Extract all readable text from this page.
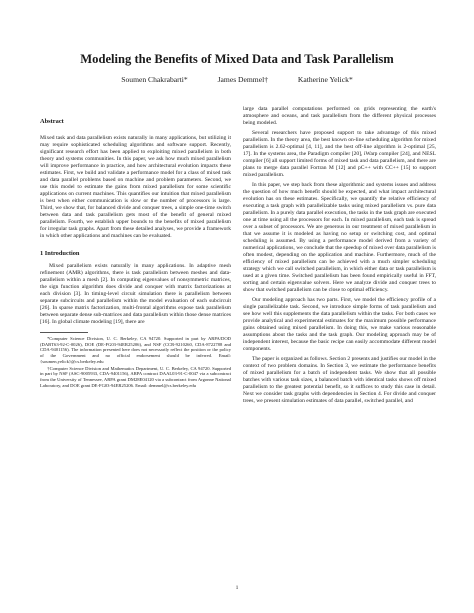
Modeling the Benefits of Mixed Data and Task Parallelism
Soumen Chakrabarti*	James Demmel†	Katherine Yelick*
Abstract

Mixed task and data parallelism exists naturally in many applications, but utilizing it may require sophisticated scheduling algorithms and software support. Recently, significant research effort has been applied to exploiting mixed parallelism in both theory and systems communities. In this paper, we ask how much mixed parallelism will improve performance in practice, and how architectural evolution impacts these estimates. First, we build and validate a performance model for a class of mixed task and data parallel problems based on machine and problem parameters. Second, we use this model to estimate the gains from mixed parallelism for some scientific applications on current machines. This quantifies our intuition that mixed parallelism is best when either communication is slow or the number of processors is large. Third, we show that, for balanced divide and conquer trees, a simple one-time switch between data and task parallelism gets most of the benefit of general mixed parallelism. Fourth, we establish upper bounds to the benefits of mixed parallelism for irregular task graphs. Apart from these detailed analyses, we provide a framework in which other applications and machines can be evaluated.

1 Introduction

Mixed parallelism exists naturally in many applications. In adaptive mesh refinement (AMR) algorithms, there is task parallelism between meshes and data-parallelism within a mesh [2]. In computing eigenvalues of nonsymmetric matrices, the sign function algorithm does divide and conquer with matrix factorizations at each division [3]. In timing-level circuit simulation there is parallelism between separate subcircuits and parallelism within the model evaluation of each subcircuit [26]. In sparse matrix factorization, multi-frontal algorithms expose task parallelism between separate dense sub-matrices and data parallelism within those dense matrices [16]. In global climate modeling [19], there are

*Computer Science Division, U. C. Berkeley, CA 94720. Supported in part by ARPA/DOD (DABT63-92-C-0026), DOE (DE-FG03-94ER25206), and NSF (CCR-9210260, CDA-8722788 and CDA-9401156). The information presented here does not necessarily reflect the position or the policy of the Government and no official endorsement should be inferred. Email: {soumen,yelick}@cs.berkeley.edu

†Computer Science Division and Mathematics Department, U. C. Berkeley, CA 94720. Supported in part by NSF (ASC-9005933, CDA-9401156), ARPA contract DAAL03-91-C-0047 via a subcontract from the University of Tennessee, ARPA grant DM28E04120 via a subcontract from Argonne National Laboratory, and DOE grant DE-FG03-94ER25206. Email: demmel@cs.berkeley.edu

large data parallel computations performed on grids representing the earth's atmosphere and oceans, and task parallelism from the different physical processes being modeled.

Several researchers have proposed support to take advantage of this mixed parallelism. In the theory area, the best known on-line scheduling algorithm for mixed parallelism is 2.62-optimal [4, 11], and the best off-line algorithm is 2-optimal [25, 17]. In the systems area, the Paradigm compiler [20], iWarp compiler [24], and NESL compiler [6] all support limited forms of mixed task and data parallelism, and there are plans to merge data parallel Fortran M [12] and pC++ with CC++ [15] to support mixed parallelism.

In this paper, we step back from these algorithmic and systems issues and address the question of how much benefit should be expected, and what impact architectural evolution has on these estimates. Specifically, we quantify the relative efficiency of executing a task graph with parallelizable tasks using mixed parallelism vs. pure data parallelism. In a purely data parallel execution, the tasks in the task graph are executed one at time using all the processors for each. In mixed parallelism, each task is spread over a subset of processors. We are generous in our treatment of mixed parallelism in that we assume it is modeled as having no setup or switching cost, and optimal scheduling is assumed. By using a performance model derived from a variety of numerical applications, we conclude that the speedup of mixed over data parallelism is often modest, depending on the application and machine. Furthermore, much of the efficiency of mixed parallelism can be achieved with a much simpler scheduling strategy which we call switched parallelism, in which either data or task parallelism is used at a given time. Switched parallelism has been found empirically useful in FFT, sorting and certain eigenvalue solvers. Here we analyze divide and conquer trees to show that switched parallelism can be close to optimal efficiency.

Our modeling approach has two parts. First, we model the efficiency profile of a single parallelizable task. Second, we introduce simple forms of task parallelism and see how well this supplements the data parallelism within the tasks. For both cases we provide analytical and experimental estimates for the maximum possible performance gains obtained using mixed parallelism. In doing this, we make various reasonable assumptions about the tasks and the task graph. Our modeling approach may be of independent interest, because the basic recipe can easily accommodate different model components.

The paper is organized as follows. Section 2 presents and justifies our model in the context of two problem domains. In Section 3, we estimate the performance benefits of mixed parallelism for a batch of independent tasks. We show that all possible batches with various task sizes, a balanced batch with identical tasks shows off mixed parallelism to the greatest potential benefit, so it suffices to study this case in detail. Next we consider task graphs with dependencies in Section 4. For divide and conquer trees, we present simulation estimates of data parallel, switched parallel, and

1
